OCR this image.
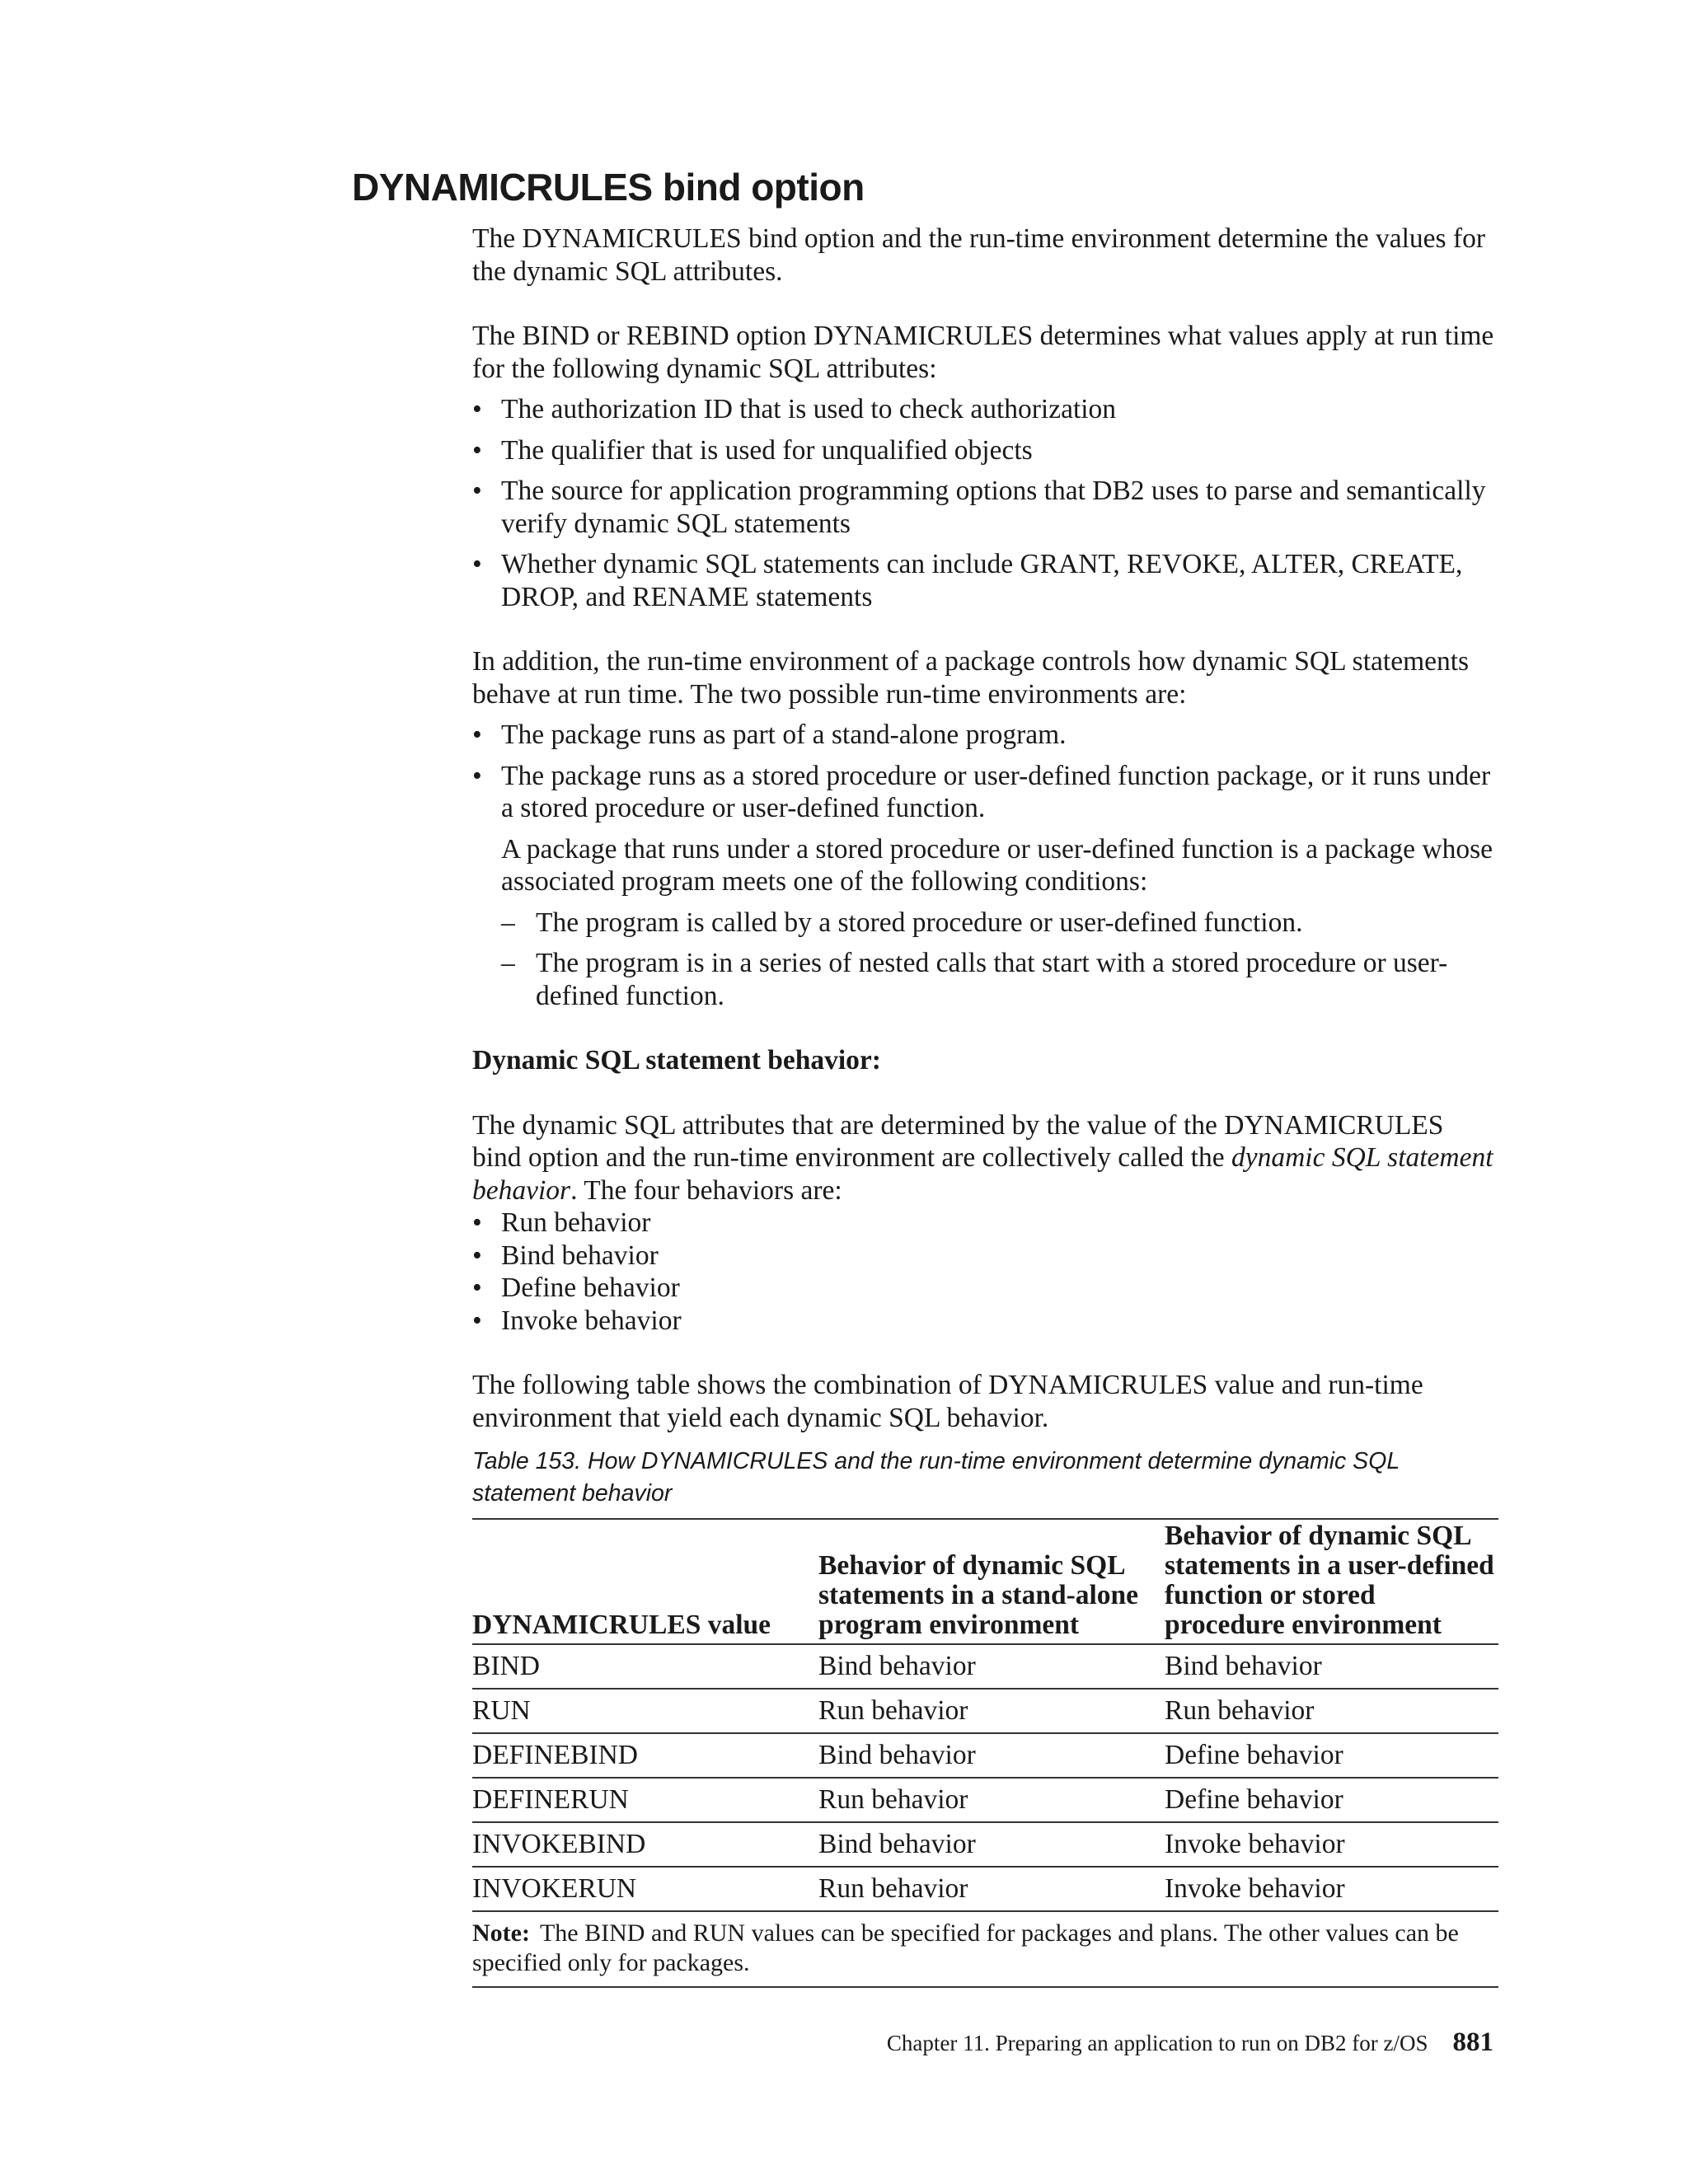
DYNAMICRULES bind option

The DYNAMICRULES bind option and the run-time environment determine the values for the dynamic SQL attributes.

The BIND or REBIND option DYNAMICRULES determines what values apply at run time for the following dynamic SQL attributes:

• The authorization ID that is used to check authorization
• The qualifier that is used for unqualified objects
• The source for application programming options that DB2 uses to parse and semantically verify dynamic SQL statements
• Whether dynamic SQL statements can include GRANT, REVOKE, ALTER, CREATE, DROP, and RENAME statements

In addition, the run-time environment of a package controls how dynamic SQL statements behave at run time. The two possible run-time environments are:

• The package runs as part of a stand-alone program.
• The package runs as a stored procedure or user-defined function package, or it runs under a stored procedure or user-defined function.

A package that runs under a stored procedure or user-defined function is a package whose associated program meets one of the following conditions:

– The program is called by a stored procedure or user-defined function.
– The program is in a series of nested calls that start with a stored procedure or user-defined function.

Dynamic SQL statement behavior:

The dynamic SQL attributes that are determined by the value of the DYNAMICRULES bind option and the run-time environment are collectively called the dynamic SQL statement behavior. The four behaviors are:

• Run behavior
• Bind behavior
• Define behavior
• Invoke behavior

The following table shows the combination of DYNAMICRULES value and run-time environment that yield each dynamic SQL behavior.

Table 153. How DYNAMICRULES and the run-time environment determine dynamic SQL statement behavior
DYNAMICRULES value	Behavior of dynamic SQL statements in a stand-alone program environment	Behavior of dynamic SQL statements in a user-defined function or stored procedure environment
BIND	Bind behavior	Bind behavior
RUN	Run behavior	Run behavior
DEFINEBIND	Bind behavior	Define behavior
DEFINERUN	Run behavior	Define behavior
INVOKEBIND	Bind behavior	Invoke behavior
INVOKERUN	Run behavior	Invoke behavior
Note: The BIND and RUN values can be specified for packages and plans. The other values can be specified only for packages.
Chapter 11. Preparing an application to run on DB2 for z/OS 881
